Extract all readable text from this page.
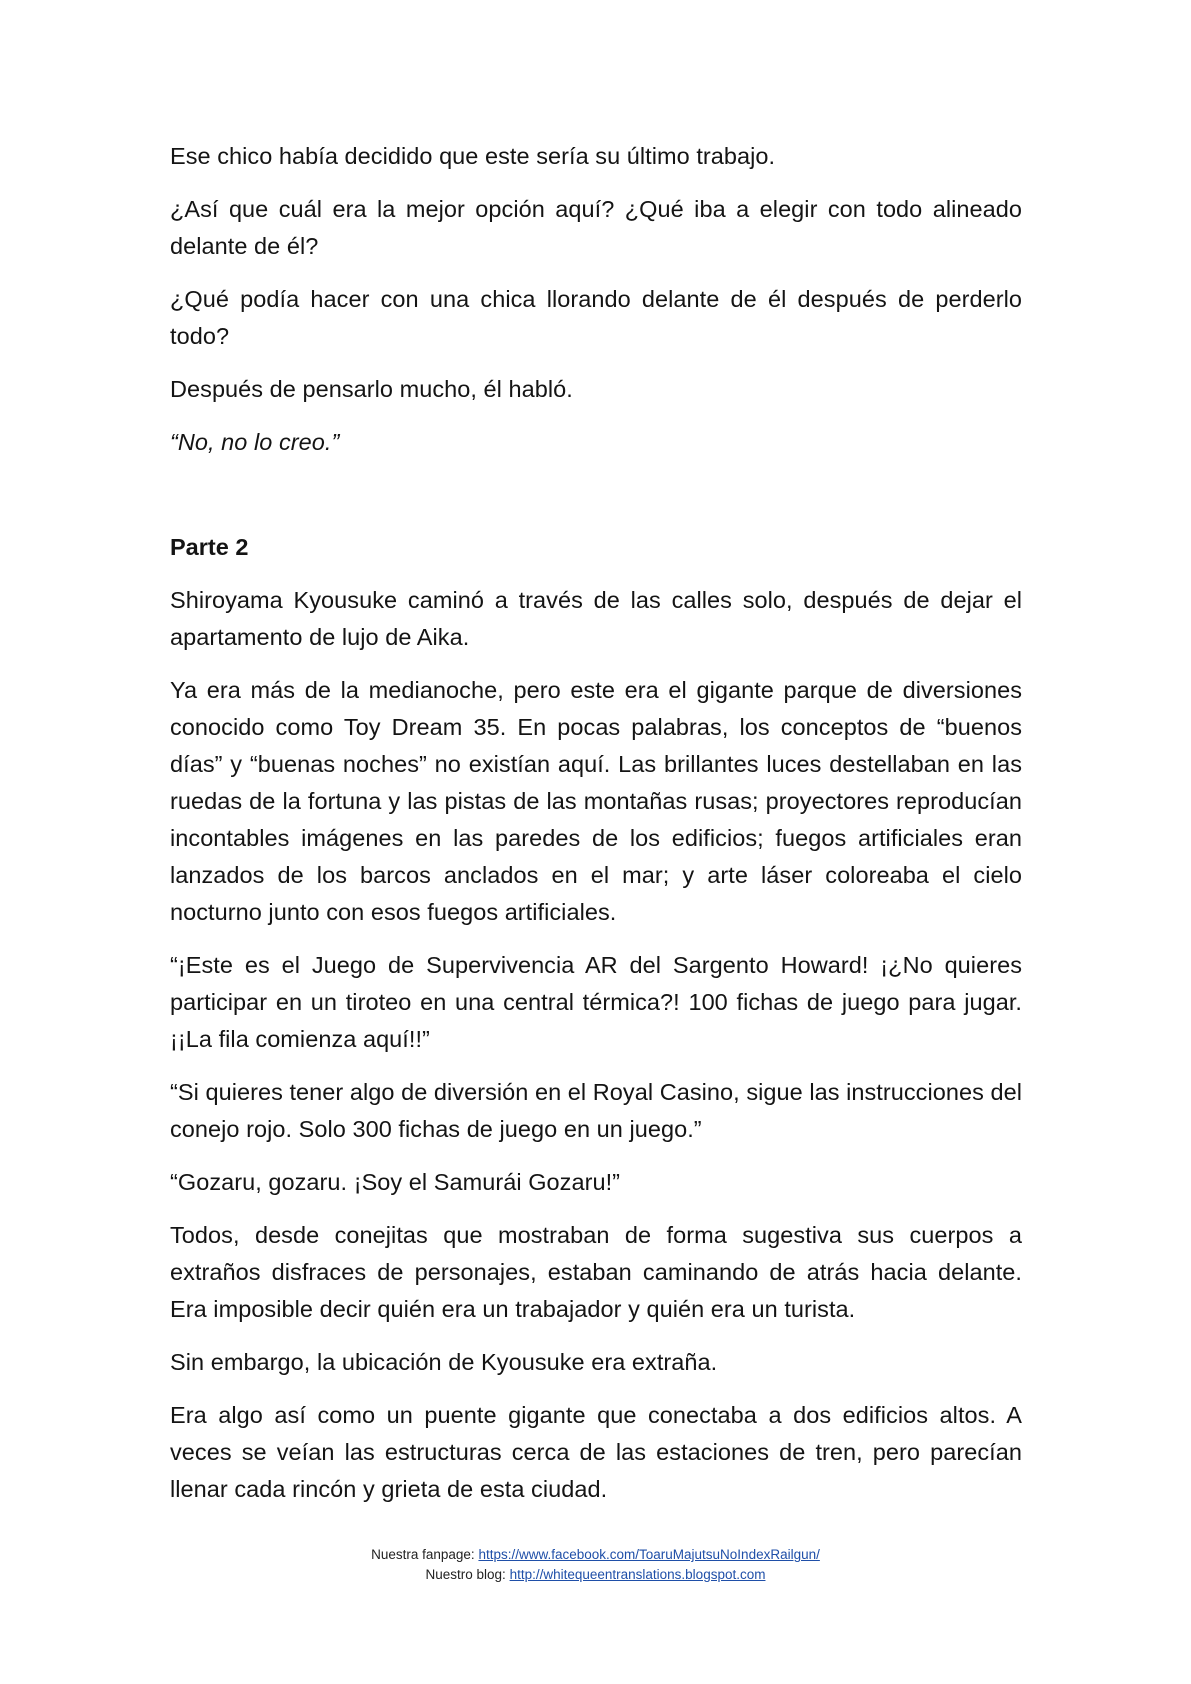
Ese chico había decidido que este sería su último trabajo.

¿Así que cuál era la mejor opción aquí? ¿Qué iba a elegir con todo alineado delante de él?

¿Qué podía hacer con una chica llorando delante de él después de perderlo todo?

Después de pensarlo mucho, él habló.

“No, no lo creo.”

Parte 2

Shiroyama Kyousuke caminó a través de las calles solo, después de dejar el apartamento de lujo de Aika.

Ya era más de la medianoche, pero este era el gigante parque de diversiones conocido como Toy Dream 35. En pocas palabras, los conceptos de “buenos días” y “buenas noches” no existían aquí. Las brillantes luces destellaban en las ruedas de la fortuna y las pistas de las montañas rusas; proyectores reproducían incontables imágenes en las paredes de los edificios; fuegos artificiales eran lanzados de los barcos anclados en el mar; y arte láser coloreaba el cielo nocturno junto con esos fuegos artificiales.

“¡Este es el Juego de Supervivencia AR del Sargento Howard! ¡¿No quieres participar en un tiroteo en una central térmica?! 100 fichas de juego para jugar. ¡¡La fila comienza aquí!!”

“Si quieres tener algo de diversión en el Royal Casino, sigue las instrucciones del conejo rojo. Solo 300 fichas de juego en un juego.”

“Gozaru, gozaru. ¡Soy el Samurái Gozaru!”

Todos, desde conejitas que mostraban de forma sugestiva sus cuerpos a extraños disfraces de personajes, estaban caminando de atrás hacia delante. Era imposible decir quién era un trabajador y quién era un turista.

Sin embargo, la ubicación de Kyousuke era extraña.

Era algo así como un puente gigante que conectaba a dos edificios altos. A veces se veían las estructuras cerca de las estaciones de tren, pero parecían llenar cada rincón y grieta de esta ciudad.

Nuestra fanpage: https://www.facebook.com/ToaruMajutsuNoIndexRailgun/
Nuestro blog: http://whitequeentranslations.blogspot.com
